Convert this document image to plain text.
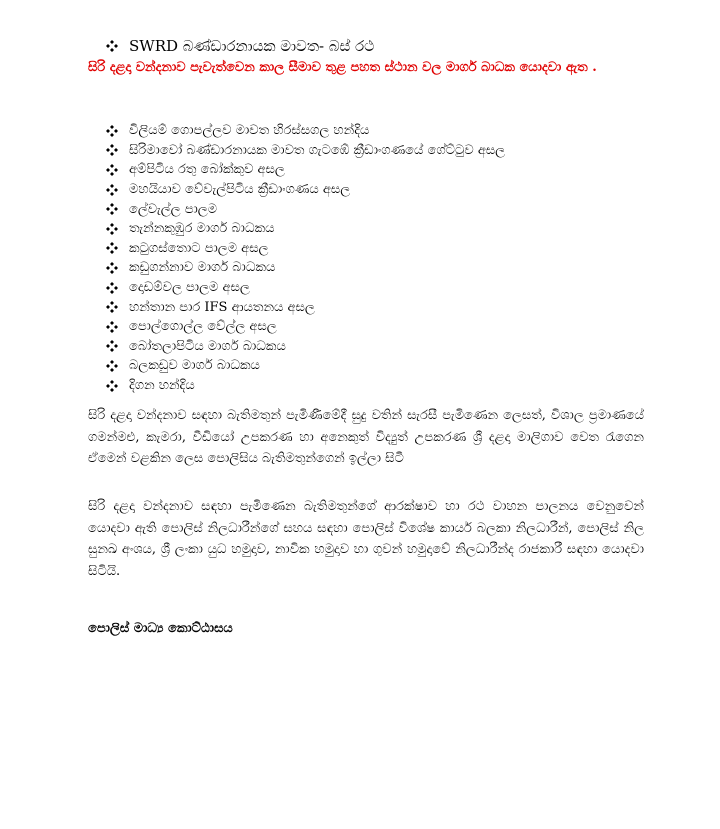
SWRD බණ්ඩාරනායක මාවත- බස් රථ
සිරි දළදා වන්දනාව පැවැත්වෙන කාල සීමාව තුළ පහත ස්ථාන වල මාර්ග බාධක යොදවා ඇත .
විලියම් ගොපල්ලව මාවත හිරස්සගල හන්දිය
සිරිමාවෝ බණ්ඩාරනායක මාවත ගැටඹේ ක්‍රීඩාංගණයේ ගේට්ටුව අසල
අම්පිටිය රතු බෝක්කුව අසල
මහයියාව වේවැල්පිටිය ක්‍රීඩාංගණය අසල
ලේවැල්ල පාලම
තැන්නකුඹුර මාර්ග බාධකය
කටුගස්තොට පාලම අසල
කඩුගන්නාව මාර්ග බාධකය
දොඩම්වල පාලම අසල
හන්තාන පාර IFS ආයතනය අසල
පොල්ගොල්ල වේල්ල අසල
බෝතලාපිටිය මාර්ග බාධකය
බලකඩුව මාර්ග බාධකය
දිගන හන්දිය
සිරි දළදා වන්දනාව සඳහා බැතිමතුන් පැමිණීමේදී සුදු වතින් සැරසී පැමිණෙන ලෙසත්, විශාල ප්‍රමාණයේ ගමන්මළු, කැමරා, වීඩියෝ උපකරණ හා අනෙකුත් විද්‍යුත් උපකරණ ශ්‍රී දළදා මාලිගාව වෙත රැගෙන ඒමෙන් වළකින ලෙස පොලිසිය බැතිමතුන්ගෙන් ඉල්ලා සිටී
සිරි දළදා වන්දනාව සඳහා පැමිණෙන බැතිමතුන්ගේ ආරක්ෂාව හා රථ වාහන පාලනය වෙනුවෙන් යොදවා ඇති පොලිස් නිලධාරීන්ගේ සහය සඳහා පොලිස් විශේෂ කාර්ය බලකා නිලධාරීන්, පොලිස් නිල සුනඛ අංශය, ශ්‍රී ලංකා යුධ හමුදාව, නාවික හමුදාව හා ගුවන් හමුදාවේ නිලධාරීන්ද රාජකාරී සඳහා යොදවා සිටියි.
පොලිස් මාධ්‍ය කොට්ඨාසය
